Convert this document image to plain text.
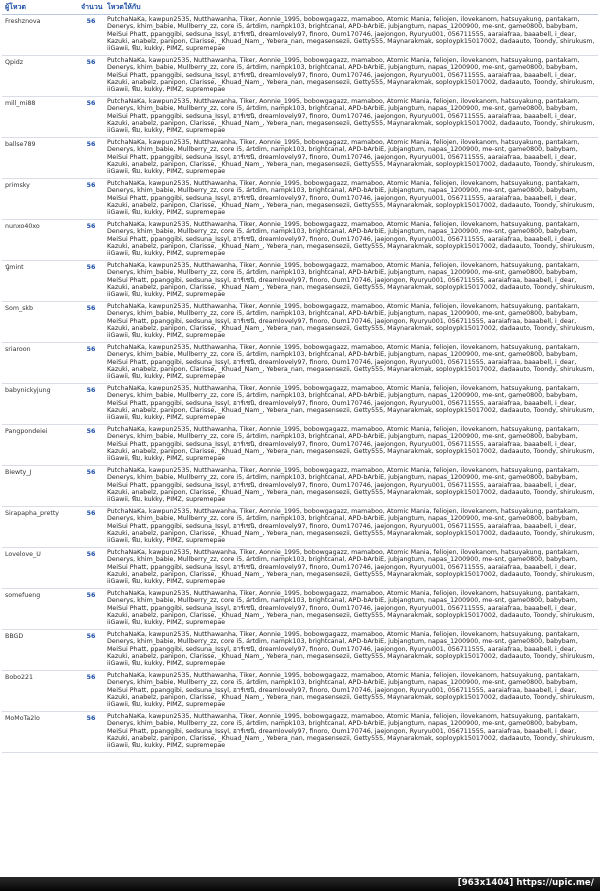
ผู้โหวต	จำนวน	โหวตให้กับ
Freshznova	56	PutchaNaKa, kawpun2535, Nutthawanha, Tiker, Aonnie_1995, bobowgagazz, mamaboo, Atomic Mania, feliojen, ilovekanom, hatsuyakung, pantakarn, Denerys, khim_babie, Mullberry_zz, core i5, ártdim, nampk103, brightcanal, APD-bArbiE, jubjangtum, napas_1200900, me-snt, game0800, babybam, MeiSui Phatt, ppanggibi, sedsuna_Issyl, อาร์เชนิ, dreamlovely97, finoro, Oum170746, jaejongon, Ryuryu001, 056711555, aaraiafraa, baaabell, i_dear, Kazuki, anabelz, panipon, Clarisse, _Khuad_Nam_, Yebera_nan, megasensezii, Getty555, Maynarakmak, soploypk15017002, dadaauto, Toondy, shirukusm, iiGawii, พีม, kukky, PIMZ, supremepae
Qpidz	56	PutchaNaKa, kawpun2535, Nutthawanha, Tiker, Aonnie_1995, bobowgagazz, mamaboo, Atomic Mania, feliojen, ilovekanom, hatsuyakung, pantakarn, Denerys, khim_babie, Mullberry_zz, core i5, ártdim, nampk103, brightcanal, APD-bArbiE, jubjangtum, napas_1200900, me-snt, game0800, babybam, MeiSui Phatt, ppanggibi, sedsuna_Issyl, อาร์เชนิ, dreamlovely97, finoro, Oum170746, jaejongon, Ryuryu001, 056711555, aaraiafraa, baaabell, i_dear, Kazuki, anabelz, panipon, Clarisse, _Khuad_Nam_, Yebera_nan, megasensezii, Getty555, Maynarakmak, soploypk15017002, dadaauto, Toondy, shirukusm, iiGawii, พีม, kukky, PIMZ, supremepae
mill_mi88	56	PutchaNaKa, kawpun2535, Nutthawanha, Tiker, Aonnie_1995, bobowgagazz, mamaboo, Atomic Mania, feliojen, ilovekanom, hatsuyakung, pantakarn, Denerys, khim_babie, Mullberry_zz, core i5, ártdim, nampk103, brightcanal, APD-bArbiE, jubjangtum, napas_1200900, me-snt, game0800, babybam, MeiSui Phatt, ppanggibi, sedsuna_Issyl, อาร์เชนิ, dreamlovely97, finoro, Oum170746, jaejongon, Ryuryu001, 056711555, aaraiafraa, baaabell, i_dear, Kazuki, anabelz, panipon, Clarisse, _Khuad_Nam_, Yebera_nan, megasensezii, Getty555, Maynarakmak, soploypk15017002, dadaauto, Toondy, shirukusm, iiGawii, พีม, kukky, PIMZ, supremepae
ballse789	56	PutchaNaKa, kawpun2535, Nutthawanha, Tiker, Aonnie_1995, bobowgagazz, mamaboo, Atomic Mania, feliojen, ilovekanom, hatsuyakung, pantakarn, Denerys, khim_babie, Mullberry_zz, core i5, ártdim, nampk103, brightcanal, APD-bArbiE, jubjangtum, napas_1200900, me-snt, game0800, babybam, MeiSui Phatt, ppanggibi, sedsuna_Issyl, อาร์เชนิ, dreamlovely97, finoro, Oum170746, jaejongon, Ryuryu001, 056711555, aaraiafraa, baaabell, i_dear, Kazuki, anabelz, panipon, Clarisse, _Khuad_Nam_, Yebera_nan, megasensezii, Getty555, Maynarakmak, soploypk15017002, dadaauto, Toondy, shirukusm, iiGawii, พีม, kukky, PIMZ, supremepae
primsky	56	PutchaNaKa, kawpun2535, Nutthawanha, Tiker, Aonnie_1995, bobowgagazz, mamaboo, Atomic Mania, feliojen, ilovekanom, hatsuyakung, pantakarn, Denerys, khim_babie, Mullberry_zz, core i5, ártdim, nampk103, brightcanal, APD-bArbiE, jubjangtum, napas_1200900, me-snt, game0800, babybam, MeiSui Phatt, ppanggibi, sedsuna_Issyl, อาร์เชนิ, dreamlovely97, finoro, Oum170746, jaejongon, Ryuryu001, 056711555, aaraiafraa, baaabell, i_dear, Kazuki, anabelz, panipon, Clarisse, _Khuad_Nam_, Yebera_nan, megasensezii, Getty555, Maynarakmak, soploypk15017002, dadaauto, Toondy, shirukusm, iiGawii, พีม, kukky, PIMZ, supremepae
nunxo40xo	56	PutchaNaKa, kawpun2535, Nutthawanha, Tiker, Aonnie_1995, bobowgagazz, mamaboo, Atomic Mania, feliojen, ilovekanom, hatsuyakung, pantakarn, Denerys, khim_babie, Mullberry_zz, core i5, ártdim, nampk103, brightcanal, APD-bArbiE, jubjangtum, napas_1200900, me-snt, game0800, babybam, MeiSui Phatt, ppanggibi, sedsuna_Issyl, อาร์เชนิ, dreamlovely97, finoro, Oum170746, jaejongon, Ryuryu001, 056711555, aaraiafraa, baaabell, i_dear, Kazuki, anabelz, panipon, Clarisse, _Khuad_Nam_, Yebera_nan, megasensezii, Getty555, Maynarakmak, soploypk15017002, dadaauto, Toondy, shirukusm, iiGawii, พีม, kukky, PIMZ, supremepae
นู๋mint	56	PutchaNaKa, kawpun2535, Nutthawanha, Tiker, Aonnie_1995, bobowgagazz, mamaboo, Atomic Mania, feliojen, ilovekanom, hatsuyakung, pantakarn, Denerys, khim_babie, Mullberry_zz, core i5, ártdim, nampk103, brightcanal, APD-bArbiE, jubjangtum, napas_1200900, me-snt, game0800, babybam, MeiSui Phatt, ppanggibi, sedsuna_Issyl, อาร์เชนิ, dreamlovely97, finoro, Oum170746, jaejongon, Ryuryu001, 056711555, aaraiafraa, baaabell, i_dear, Kazuki, anabelz, panipon, Clarisse, _Khuad_Nam_, Yebera_nan, megasensezii, Getty555, Maynarakmak, soploypk15017002, dadaauto, Toondy, shirukusm, iiGawii, พีม, kukky, PIMZ, supremepae
Som_skb	56	PutchaNaKa, kawpun2535, Nutthawanha, Tiker, Aonnie_1995, bobowgagazz, mamaboo, Atomic Mania, feliojen, ilovekanom, hatsuyakung, pantakarn, Denerys, khim_babie, Mullberry_zz, core i5, ártdim, nampk103, brightcanal, APD-bArbiE, jubjangtum, napas_1200900, me-snt, game0800, babybam, MeiSui Phatt, ppanggibi, sedsuna_Issyl, อาร์เชนิ, dreamlovely97, finoro, Oum170746, jaejongon, Ryuryu001, 056711555, aaraiafraa, baaabell, i_dear, Kazuki, anabelz, panipon, Clarisse, _Khuad_Nam_, Yebera_nan, megasensezii, Getty555, Maynarakmak, soploypk15017002, dadaauto, Toondy, shirukusm, iiGawii, พีม, kukky, PIMZ, supremepae
sriaroon	56	PutchaNaKa, kawpun2535, Nutthawanha, Tiker, Aonnie_1995, bobowgagazz, mamaboo, Atomic Mania, feliojen, ilovekanom, hatsuyakung, pantakarn, Denerys, khim_babie, Mullberry_zz, core i5, ártdim, nampk103, brightcanal, APD-bArbiE, jubjangtum, napas_1200900, me-snt, game0800, babybam, MeiSui Phatt, ppanggibi, sedsuna_Issyl, อาร์เชนิ, dreamlovely97, finoro, Oum170746, jaejongon, Ryuryu001, 056711555, aaraiafraa, baaabell, i_dear, Kazuki, anabelz, panipon, Clarisse, _Khuad_Nam_, Yebera_nan, megasensezii, Getty555, Maynarakmak, soploypk15017002, dadaauto, Toondy, shirukusm, iiGawii, พีม, kukky, PIMZ, supremepae
babynickyjung	56	PutchaNaKa, kawpun2535, Nutthawanha, Tiker, Aonnie_1995, bobowgagazz, mamaboo, Atomic Mania, feliojen, ilovekanom, hatsuyakung, pantakarn, Denerys, khim_babie, Mullberry_zz, core i5, ártdim, nampk103, brightcanal, APD-bArbiE, jubjangtum, napas_1200900, me-snt, game0800, babybam, MeiSui Phatt, ppanggibi, sedsuna_Issyl, อาร์เชนิ, dreamlovely97, finoro, Oum170746, jaejongon, Ryuryu001, 056711555, aaraiafraa, baaabell, i_dear, Kazuki, anabelz, panipon, Clarisse, _Khuad_Nam_, Yebera_nan, megasensezii, Getty555, Maynarakmak, soploypk15017002, dadaauto, Toondy, shirukusm, iiGawii, พีม, kukky, PIMZ, supremepae
Pangpondeiei	56	PutchaNaKa, kawpun2535, Nutthawanha, Tiker, Aonnie_1995, bobowgagazz, mamaboo, Atomic Mania, feliojen, ilovekanom, hatsuyakung, pantakarn, Denerys, khim_babie, Mullberry_zz, core i5, ártdim, nampk103, brightcanal, APD-bArbiE, jubjangtum, napas_1200900, me-snt, game0800, babybam, MeiSui Phatt, ppanggibi, sedsuna_Issyl, อาร์เชนิ, dreamlovely97, finoro, Oum170746, jaejongon, Ryuryu001, 056711555, aaraiafraa, baaabell, i_dear, Kazuki, anabelz, panipon, Clarisse, _Khuad_Nam_, Yebera_nan, megasensezii, Getty555, Maynarakmak, soploypk15017002, dadaauto, Toondy, shirukusm, iiGawii, พีม, kukky, PIMZ, supremepae
Biewty_J	56	PutchaNaKa, kawpun2535, Nutthawanha, Tiker, Aonnie_1995, bobowgagazz, mamaboo, Atomic Mania, feliojen, ilovekanom, hatsuyakung, pantakarn, Denerys, khim_babie, Mullberry_zz, core i5, ártdim, nampk103, brightcanal, APD-bArbiE, jubjangtum, napas_1200900, me-snt, game0800, babybam, MeiSui Phatt, ppanggibi, sedsuna_Issyl, อาร์เชนิ, dreamlovely97, finoro, Oum170746, jaejongon, Ryuryu001, 056711555, aaraiafraa, baaabell, i_dear, Kazuki, anabelz, panipon, Clarisse, _Khuad_Nam_, Yebera_nan, megasensezii, Getty555, Maynarakmak, soploypk15017002, dadaauto, Toondy, shirukusm, iiGawii, พีม, kukky, PIMZ, supremepae
Sirapapha_pretty	56	PutchaNaKa, kawpun2535, Nutthawanha, Tiker, Aonnie_1995, bobowgagazz, mamaboo, Atomic Mania, feliojen, ilovekanom, hatsuyakung, pantakarn, Denerys, khim_babie, Mullberry_zz, core i5, ártdim, nampk103, brightcanal, APD-bArbiE, jubjangtum, napas_1200900, me-snt, game0800, babybam, MeiSui Phatt, ppanggibi, sedsuna_Issyl, อาร์เชนิ, dreamlovely97, finoro, Oum170746, jaejongon, Ryuryu001, 056711555, aaraiafraa, baaabell, i_dear, Kazuki, anabelz, panipon, Clarisse, _Khuad_Nam_, Yebera_nan, megasensezii, Getty555, Maynarakmak, soploypk15017002, dadaauto, Toondy, shirukusm, iiGawii, พีม, kukky, PIMZ, supremepae
Lovelove_U	56	PutchaNaKa, kawpun2535, Nutthawanha, Tiker, Aonnie_1995, bobowgagazz, mamaboo, Atomic Mania, feliojen, ilovekanom, hatsuyakung, pantakarn, Denerys, khim_babie, Mullberry_zz, core i5, ártdim, nampk103, brightcanal, APD-bArbiE, jubjangtum, napas_1200900, me-snt, game0800, babybam, MeiSui Phatt, ppanggibi, sedsuna_Issyl, อาร์เชนิ, dreamlovely97, finoro, Oum170746, jaejongon, Ryuryu001, 056711555, aaraiafraa, baaabell, i_dear, Kazuki, anabelz, panipon, Clarisse, _Khuad_Nam_, Yebera_nan, megasensezii, Getty555, Maynarakmak, soploypk15017002, dadaauto, Toondy, shirukusm, iiGawii, พีม, kukky, PIMZ, supremepae
somefueng	56	PutchaNaKa, kawpun2535, Nutthawanha, Tiker, Aonnie_1995, bobowgagazz, mamaboo, Atomic Mania, feliojen, ilovekanom, hatsuyakung, pantakarn, Denerys, khim_babie, Mullberry_zz, core i5, ártdim, nampk103, brightcanal, APD-bArbiE, jubjangtum, napas_1200900, me-snt, game0800, babybam, MeiSui Phatt, ppanggibi, sedsuna_Issyl, อาร์เชนิ, dreamlovely97, finoro, Oum170746, jaejongon, Ryuryu001, 056711555, aaraiafraa, baaabell, i_dear, Kazuki, anabelz, panipon, Clarisse, _Khuad_Nam_, Yebera_nan, megasensezii, Getty555, Maynarakmak, soploypk15017002, dadaauto, Toondy, shirukusm, iiGawii, พีม, kukky, PIMZ, supremepae
BBGD	56	PutchaNaKa, kawpun2535, Nutthawanha, Tiker, Aonnie_1995, bobowgagazz, mamaboo, Atomic Mania, feliojen, ilovekanom, hatsuyakung, pantakarn, Denerys, khim_babie, Mullberry_zz, core i5, ártdim, nampk103, brightcanal, APD-bArbiE, jubjangtum, napas_1200900, me-snt, game0800, babybam, MeiSui Phatt, ppanggibi, sedsuna_Issyl, อาร์เชนิ, dreamlovely97, finoro, Oum170746, jaejongon, Ryuryu001, 056711555, aaraiafraa, baaabell, i_dear, Kazuki, anabelz, panipon, Clarisse, _Khuad_Nam_, Yebera_nan, megasensezii, Getty555, Maynarakmak, soploypk15017002, dadaauto, Toondy, shirukusm, iiGawii, พีม, kukky, PIMZ, supremepae
Bobo221	56	PutchaNaKa, kawpun2535, Nutthawanha, Tiker, Aonnie_1995, bobowgagazz, mamaboo, Atomic Mania, feliojen, ilovekanom, hatsuyakung, pantakarn, Denerys, khim_babie, Mullberry_zz, core i5, ártdim, nampk103, brightcanal, APD-bArbiE, jubjangtum, napas_1200900, me-snt, game0800, babybam, MeiSui Phatt, ppanggibi, sedsuna_Issyl, อาร์เชนิ, dreamlovely97, finoro, Oum170746, jaejongon, Ryuryu001, 056711555, aaraiafraa, baaabell, i_dear, Kazuki, anabelz, panipon, Clarisse, _Khuad_Nam_, Yebera_nan, megasensezii, Getty555, Maynarakmak, soploypk15017002, dadaauto, Toondy, shirukusm, iiGawii, พีม, kukky, PIMZ, supremepae
MoMoTa2lo	56	PutchaNaKa, kawpun2535, Nutthawanha, Tiker, Aonnie_1995, bobowgagazz, mamaboo, Atomic Mania, feliojen, ilovekanom, hatsuyakung, pantakarn, Denerys, khim_babie, Mullberry_zz, core i5, ártdim, nampk103, brightcanal, APD-bArbiE, jubjangtum, napas_1200900, me-snt, game0800, babybam, MeiSui Phatt, ppanggibi, sedsuna_Issyl, อาร์เชนิ, dreamlovely97, finoro, Oum170746, jaejongon, Ryuryu001, 056711555, aaraiafraa, baaabell, i_dear, Kazuki, anabelz, panipon, Clarisse, _Khuad_Nam_, Yebera_nan, megasensezii, Getty555, Maynarakmak, soploypk15017002, dadaauto, Toondy, shirukusm, iiGawii, พีม, kukky, PIMZ, supremepae
[963x1404] https://upic.me/
